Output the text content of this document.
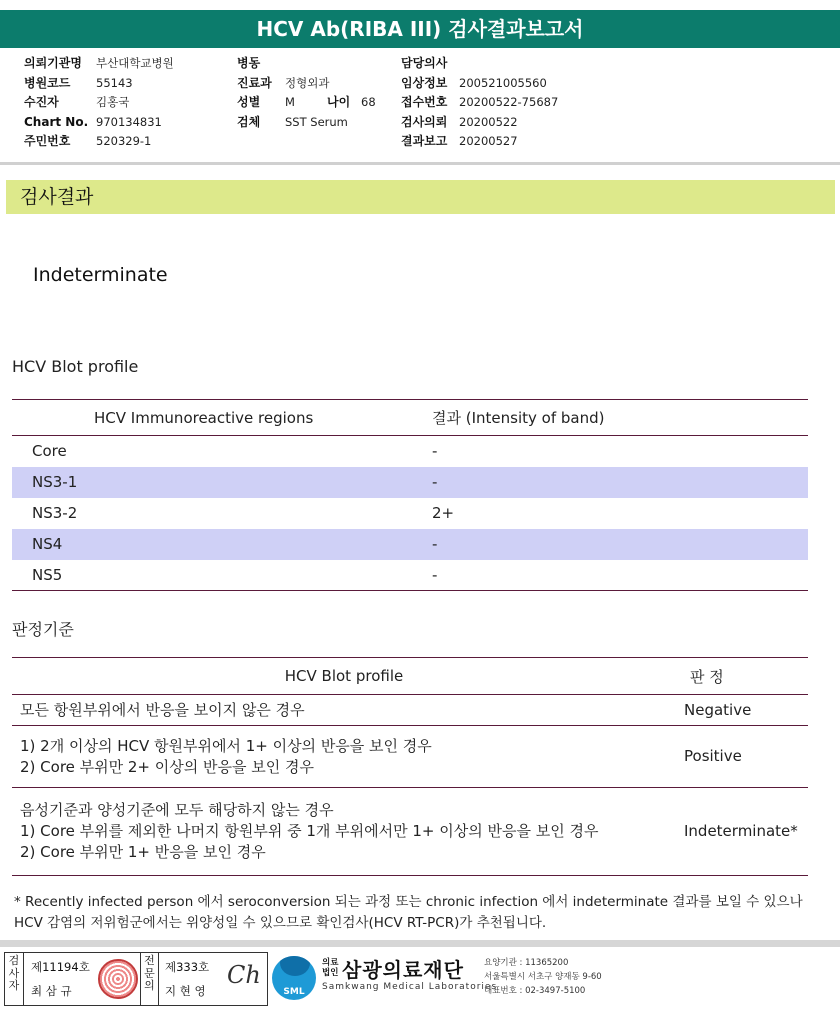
HCV Ab(RIBA III) 검사결과보고서
의뢰기관명 부산대학교병원
병원코드 55143
수진자	김홍국
Chart No. 970134831
주민번호 520329-1
병동
진료과 정형외과
성별 M	나이 68
검체 SST Serum
담당의사
임상정보 200521005560
접수번호 20200522-75687
검사의뢰 20200522
결과보고 20200527
검사결과
Indeterminate
HCV Blot profile
HCV Immunoreactive regions	결과 (Intensity of band)
Core	-
NS3-1	-
NS3-2	2+
NS4	-
NS5	-
판정기준
HCV Blot profile	판 정

모든 항원부위에서 반응을 보이지 않은 경우	Negative

1) 2개 이상의 HCV 항원부위에서 1+ 이상의 반응을 보인 경우
2) Core 부위만 2+ 이상의 반응을 보인 경우	Positive

음성기준과 양성기준에 모두 해당하지 않는 경우
1) Core 부위를 제외한 나머지 항원부위 중 1개 부위에서만 1+ 이상의 반응을 보인 경우
2) Core 부위만 1+ 반응을 보인 경우	Indeterminate*
* Recently infected person 에서 seroconversion 되는 과정 또는 chronic infection 에서 indeterminate 결과를 보일 수 있으나 HCV 감염의 저위험군에서는 위양성일 수 있으므로 확인검사(HCV RT-PCR)가 추천됩니다.
검사자
제11194호
최 삼 규
전문의
제333호
지 현 영
Ch
SML
의료
법인 삼광의료재단
Samkwang Medical Laboratories
요양기관 : 11365200
서울특별시 서초구 양재동 9-60
대표번호 : 02-3497-5100
